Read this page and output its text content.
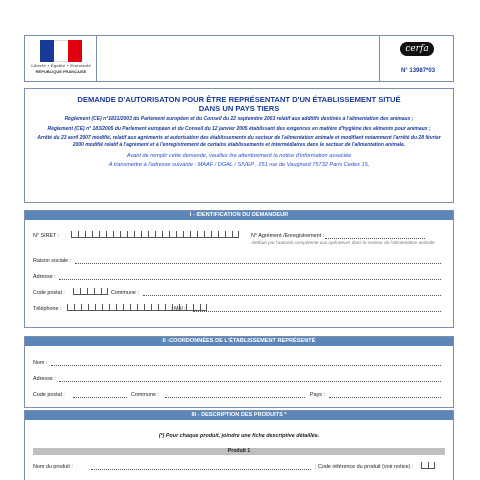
Liberté • Égalité • Fraternité
RÉPUBLIQUE FRANÇAISE
cerfa
N° 13987*03
DEMANDE D'AUTORISATON POUR ÊTRE REPRÉSENTANT D'UN ÉTABLISSEMENT SITUÉ
DANS UN PAYS TIERS
Règlement (CE) n°1831/2003 du Parlement européen et du Conseil du 22 septembre 2003 relatif aux additifs destinés à l'alimentation des animaux ;
Règlement (CE) n° 183/2005 du Parlement européen et du Conseil du 12 janvier 2005 établissant des exigences en matière d'hygiène des aliments pour animaux ;
Arrêté du 23 avril 2007 modifié, relatif aux agréments et autorisation des établissements du secteur de l'alimentation animale et modifiant notamment l'arrêté du 28 février 2000 modifié relatif à l'agrément et à l'enregistrement de certains établissements et intermédiaires dans le secteur de l'alimentation animale.
Avant de remplir cette demande, veuillez lire attentivement la notice d'information associée
A transmettre à l'adresse suivante : MAAF / DGAL / SIVEP , 251 rue de Vaugirard 75732 Paris Cedex 15,
I - IDENTIFICATION DU DEMANDEUR
N° SIRET :	N° Agrément /Enregistrement :
Attribué par l'autorité compétente aux opérateurs dans le secteur de l'alimentation animale
Raison sociale :
Adresse :
Code postal :	Commune :
Téléphone :	; Mél :
II -COORDONNÉES DE L'ÉTABLISSEMENT REPRÉSENTÉ
Nom :
Adresse :
Code postal :	Commune :	Pays :
III - DESCRIPTION DES PRODUITS *
(*) Pour chaque produit, joindre une fiche descriptive détaillée.
Produit 1
Nom du produit :	; Code référence du produit (voir notice) :
